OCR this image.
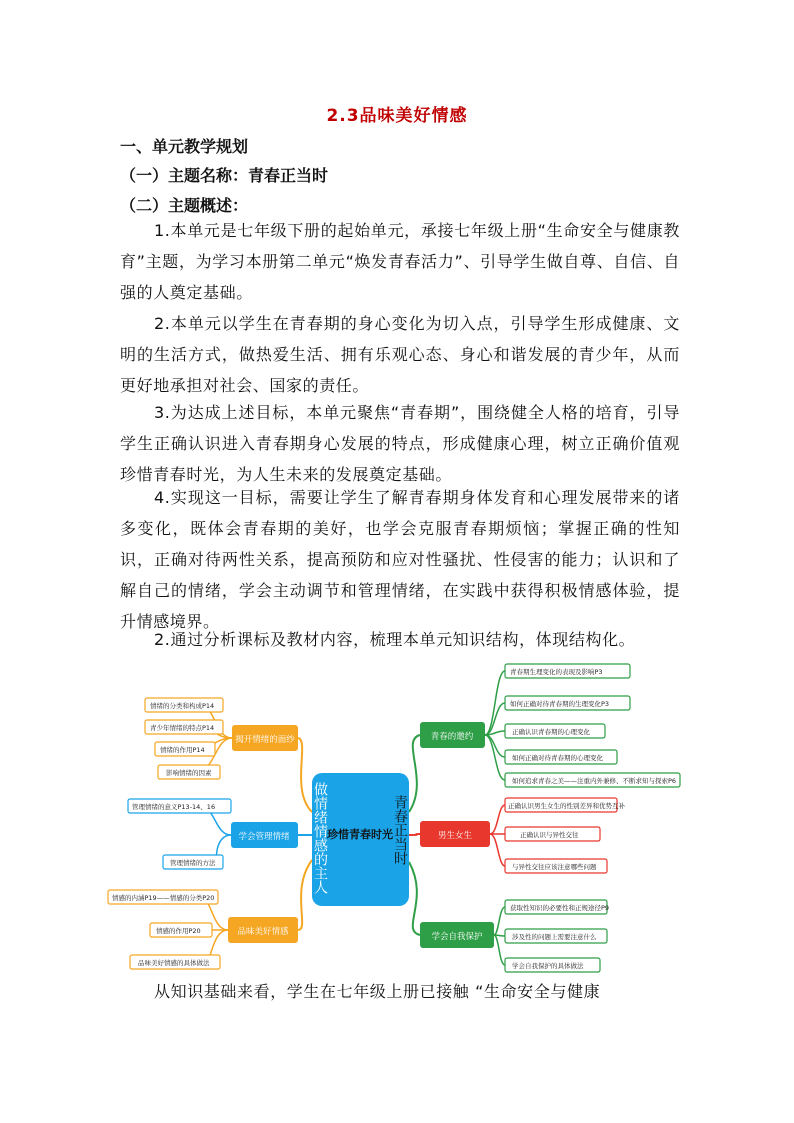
2.3品味美好情感
一、单元教学规划
（一）主题名称：青春正当时
（二）主题概述：
1.本单元是七年级下册的起始单元，承接七年级上册“生命安全与健康教育”主题，为学习本册第二单元“焕发青春活力”、引导学生做自尊、自信、自强的人奠定基础。
2.本单元以学生在青春期的身心变化为切入点，引导学生形成健康、文明的生活方式，做热爱生活、拥有乐观心态、身心和谐发展的青少年，从而更好地承担对社会、国家的责任。
3.为达成上述目标，本单元聚焦“青春期”，围绕健全人格的培育，引导学生正确认识进入青春期身心发展的特点，形成健康心理，树立正确价值观珍惜青春时光，为人生未来的发展奠定基础。
4.实现这一目标，需要让学生了解青春期身体发育和心理发展带来的诸多变化，既体会青春期的美好，也学会克服青春期烦恼；掌握正确的性知识，正确对待两性关系，提高预防和应对性骚扰、性侵害的能力；认识和了解自己的情绪，学会主动调节和管理情绪，在实践中获得积极情感体验，提升情感境界。
2.通过分析课标及教材内容，梳理本单元知识结构，体现结构化。
珍惜青春时光
做情绪情感的主人	青春正当时
揭开情绪的面纱
学会管理情绪
品味美好情感
青春的邀约
男生女生
学会自我保护
情绪的分类和构成P14
青少年情绪的特点P14
情绪的作用P14
影响情绪的因素
管理情绪的意义P13-14、16
管理情绪的方法
情感的内涵P19——情感的分类P20
情感的作用P20
品味美好情感的具体做法
青春期生理变化的表现及影响P3
如何正确对待青春期的生理变化P3
正确认识青春期的心理变化
如何正确对待青春期的心理变化
如何追求青春之美——注重内外兼修、不断求知与探索P6
正确认识男生女生的性别差异和优势互补
正确认识与异性交往
与异性交往应该注意哪些问题
获取性知识的必要性和正规途径P9
涉及性的问题上需要注意什么
学会自我保护的具体做法
从知识基础来看，学生在七年级上册已接触 “生命安全与健康
